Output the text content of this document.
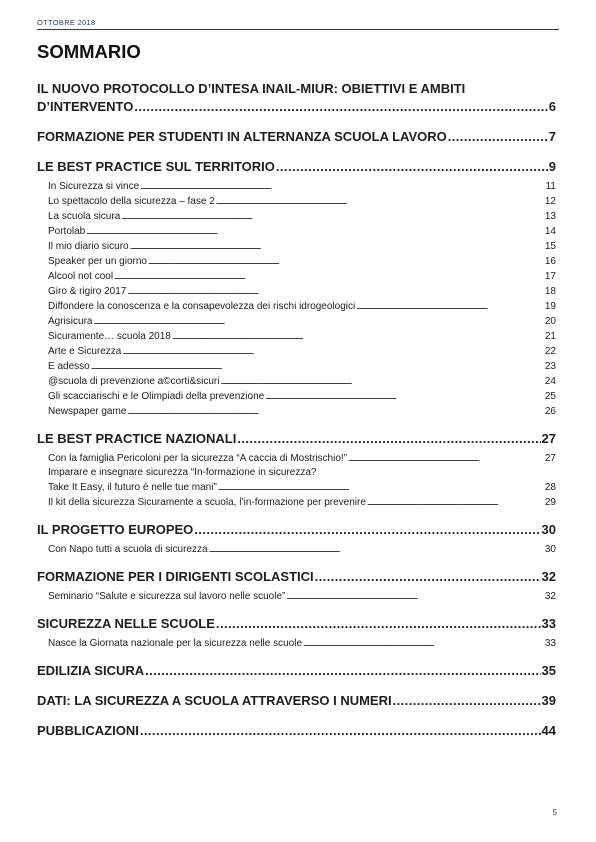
OTTOBRE 2018
SOMMARIO
IL NUOVO PROTOCOLLO D’INTESA INAIL-MIUR: OBIETTIVI E AMBITI
D’INTERVENTO . . .	6
FORMAZIONE PER STUDENTI IN ALTERNANZA SCUOLA LAVORO . . .	7
LE BEST PRACTICE SUL TERRITORIO . . .	9
In Sicurezza si vince . . .	11
Lo spettacolo della sicurezza – fase 2 . . .	12
La scuola sicura . . .	13
Portolab . . .	14
Il mio diario sicuro . . .	15
Speaker per un giorno . . .	16
Alcool not cool . . .	17
Giro & rigiro 2017 . . .	18
Diffondere la conoscenza e la consapevolezza dei rischi idrogeologici . . .	19
Agrisicura . . .	20
Sicuramente… scuola 2018 . . .	21
Arte e Sicurezza . . .	22
E adesso . . .	23
@scuola di prevenzione a©corti&sicuri . . .	24
Gli scacciarischi e le Olimpiadi della prevenzione . . .	25
Newspaper game . . .	26
LE BEST PRACTICE NAZIONALI . . .	27
Con la famiglia Pericoloni per la sicurezza “A caccia di Mostrischio!” . . .	27
Imparare e insegnare sicurezza “In-formazione in sicurezza?
Take It Easy, il futuro è nelle tue mani” . . .	28
Il kit della sicurezza Sicuramente a scuola, l’in-formazione per prevenire . . .	29
IL PROGETTO EUROPEO . . .	30
Con Napo tutti a scuola di sicurezza . . .	30
FORMAZIONE PER I DIRIGENTI SCOLASTICI . . .	32
Seminario “Salute e sicurezza sul lavoro nelle scuole” . . .	32
SICUREZZA NELLE SCUOLE . . .	33
Nasce la Giornata nazionale per la sicurezza nelle scuole . . .	33
EDILIZIA SICURA . . .	35
DATI: LA SICUREZZA A SCUOLA ATTRAVERSO I NUMERI . . .	39
PUBBLICAZIONI . . .	44
5
